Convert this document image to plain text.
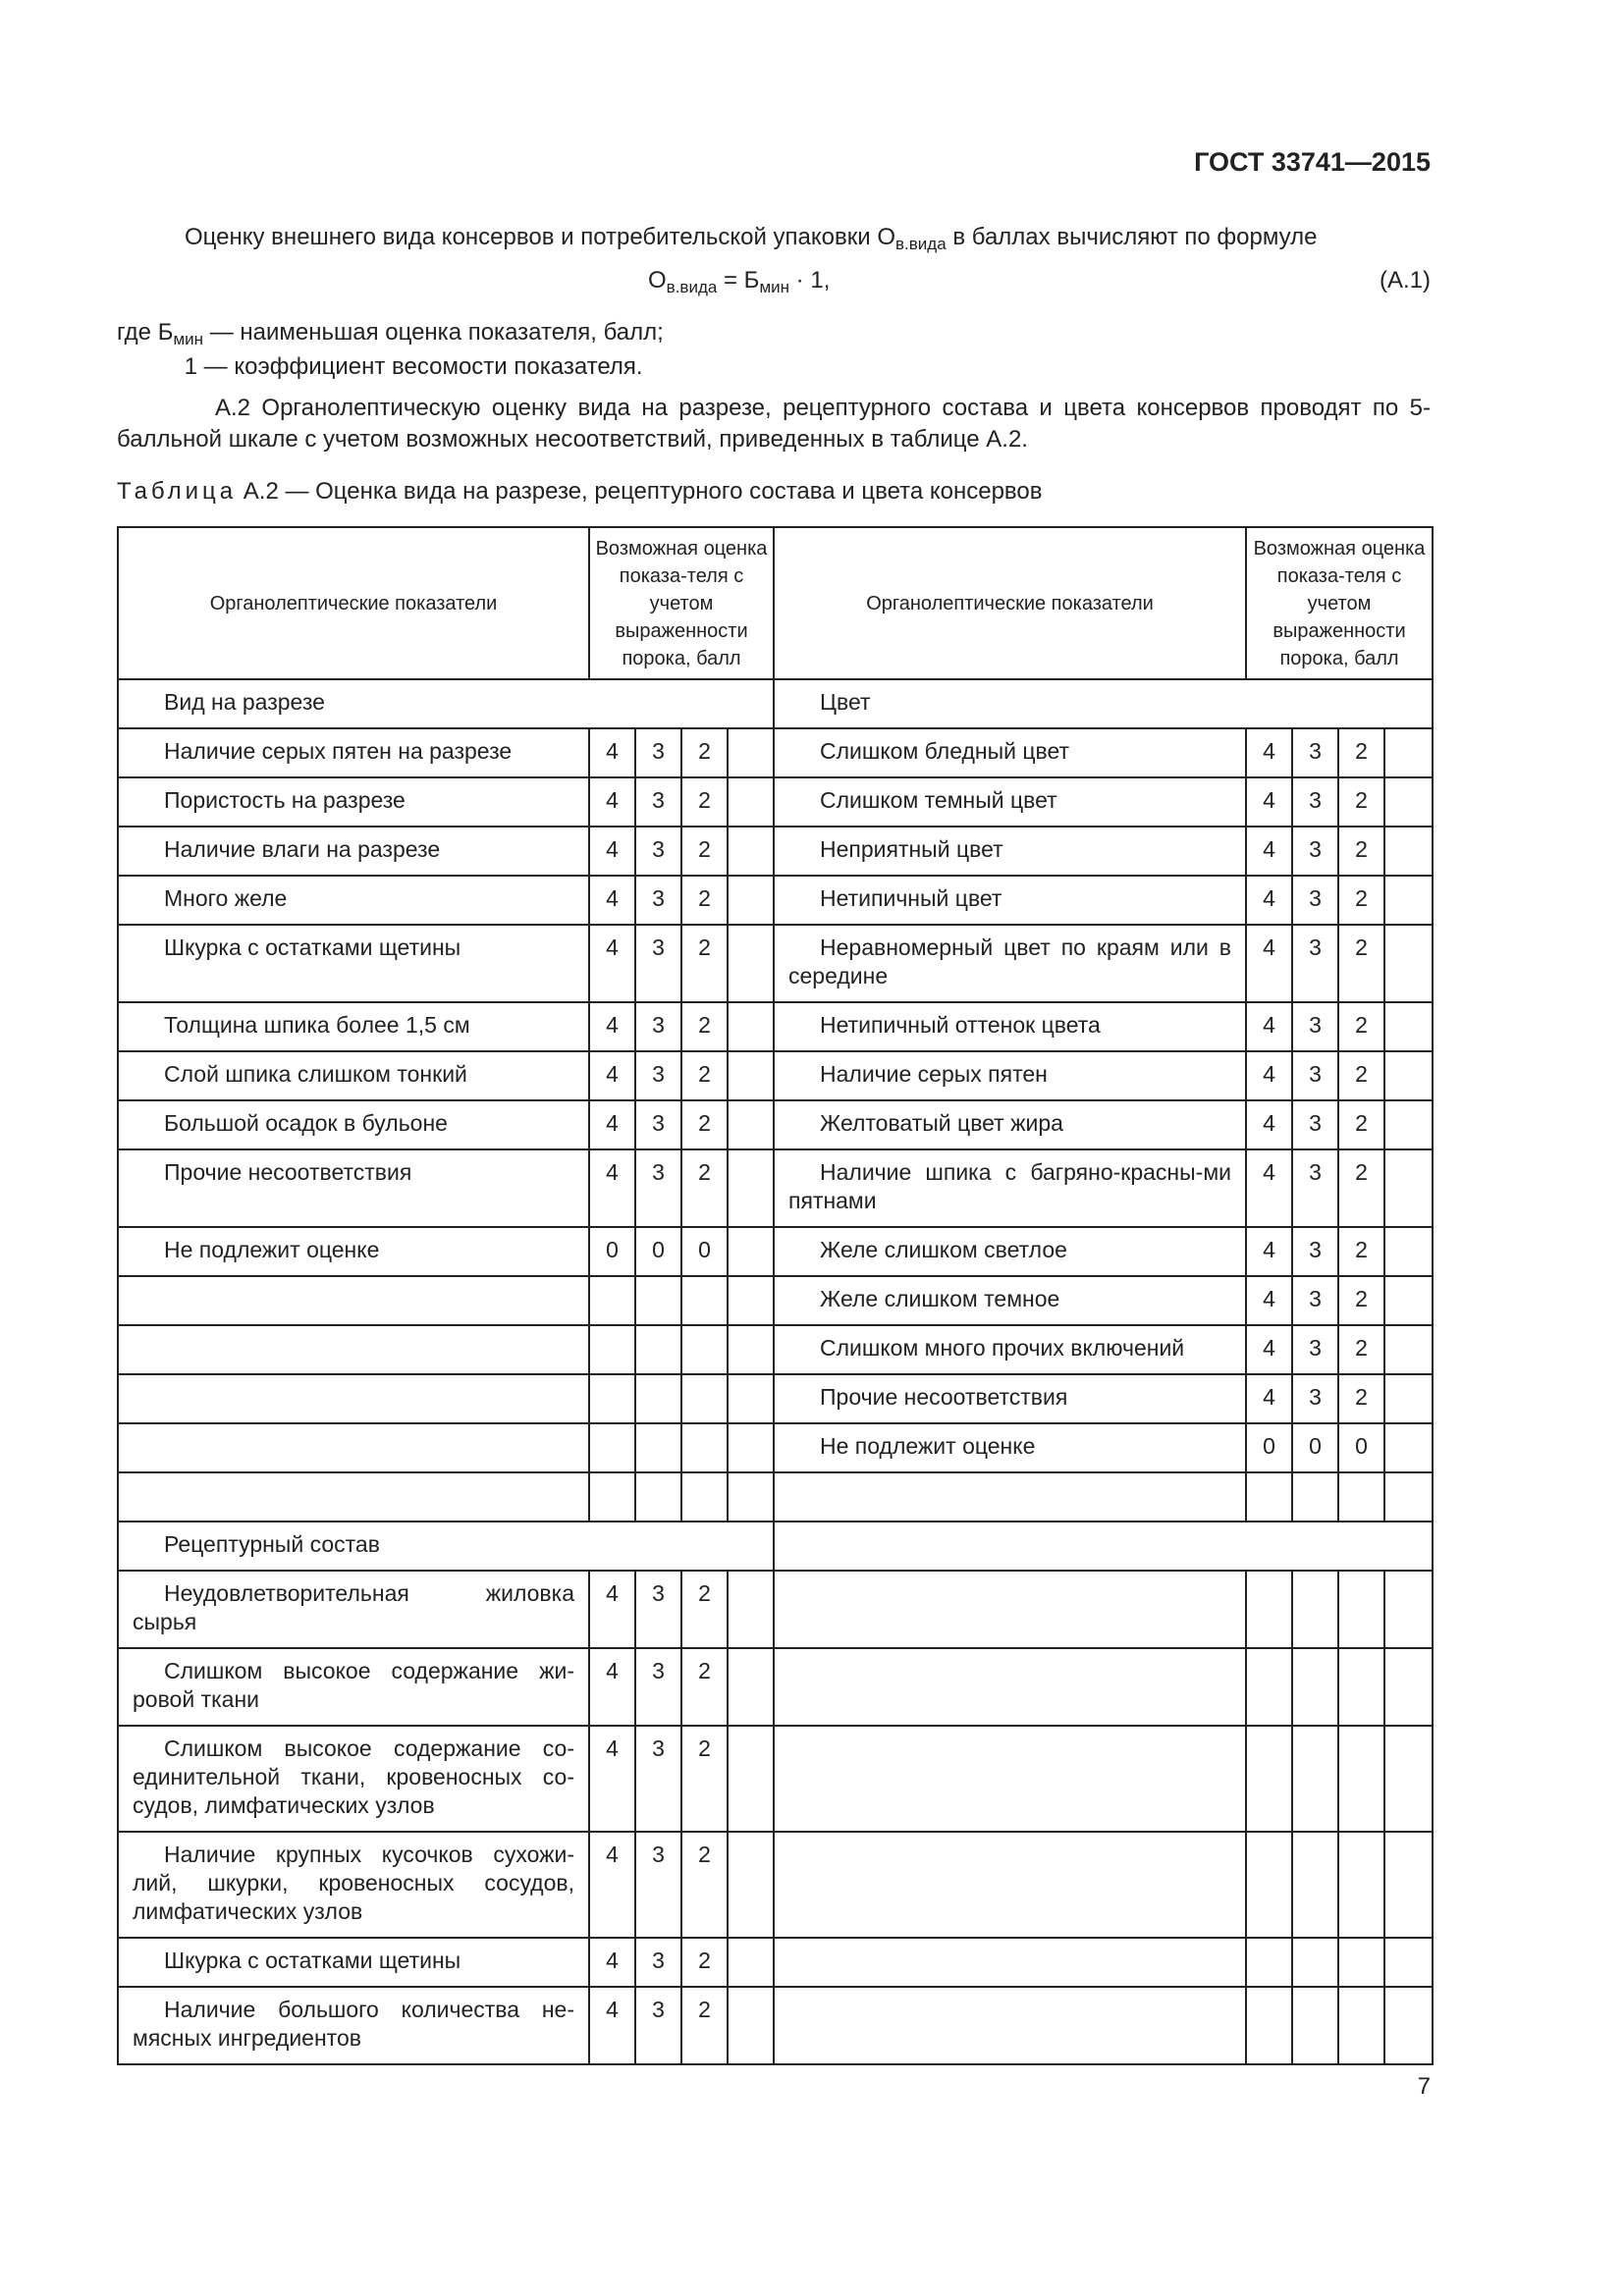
ГОСТ 33741—2015
Оценку внешнего вида консервов и потребительской упаковки $О_{в.вида}$ в баллах вычисляют по формуле
$О_{в.вида} = Б_{мин} \cdot 1$,	(А.1)
где $Б_{мин}$ — наименьшая оценка показателя, балл;
1 — коэффициент весомости показателя.
А.2 Органолептическую оценку вида на разрезе, рецептурного состава и цвета консервов проводят по 5-балльной шкале с учетом возможных несоответствий, приведенных в таблице А.2.
Таблица А.2 — Оценка вида на разрезе, рецептурного состава и цвета консервов
Органолептические показатели	Возможная оценка показа-теля с учетом выраженности порока, балл				Органолептические показатели	Возможная оценка показа-теля с учетом выраженности порока, балл			
Вид на разрезе					Цвет				
Наличие серых пятен на разрезе	4	3	2		Слишком бледный цвет	4	3	2	
Пористость на разрезе	4	3	2		Слишком темный цвет	4	3	2	
Наличие влаги на разрезе	4	3	2		Неприятный цвет	4	3	2	
Много желе	4	3	2		Нетипичный цвет	4	3	2	
Шкурка с остатками щетины	4	3	2		Неравномерный цвет по краям или в середине	4	3	2	
Толщина шпика более 1,5 см	4	3	2		Нетипичный оттенок цвета	4	3	2	
Слой шпика слишком тонкий	4	3	2		Наличие серых пятен	4	3	2	
Большой осадок в бульоне	4	3	2		Желтоватый цвет жира	4	3	2	
Прочие несоответствия	4	3	2		Наличие шпика с багряно-красны-ми пятнами	4	3	2	
Не подлежит оценке	0	0	0		Желе слишком светлое	4	3	2	
					Желе слишком темное	4	3	2	
					Слишком много прочих включений	4	3	2	
					Прочие несоответствия	4	3	2	
					Не подлежит оценке	0	0	0	

Рецептурный состав									
Неудовлетворительная жиловка сырья	4	3	2						
Слишком высокое содержание жи-ровой ткани	4	3	2						
Слишком высокое содержание со-единительной ткани, кровеносных со-судов, лимфатических узлов	4	3	2						
Наличие крупных кусочков сухожи-лий, шкурки, кровеносных сосудов, лимфатических узлов	4	3	2						
Шкурка с остатками щетины	4	3	2						
Наличие большого количества не-мясных ингредиентов	4	3	2						
7
